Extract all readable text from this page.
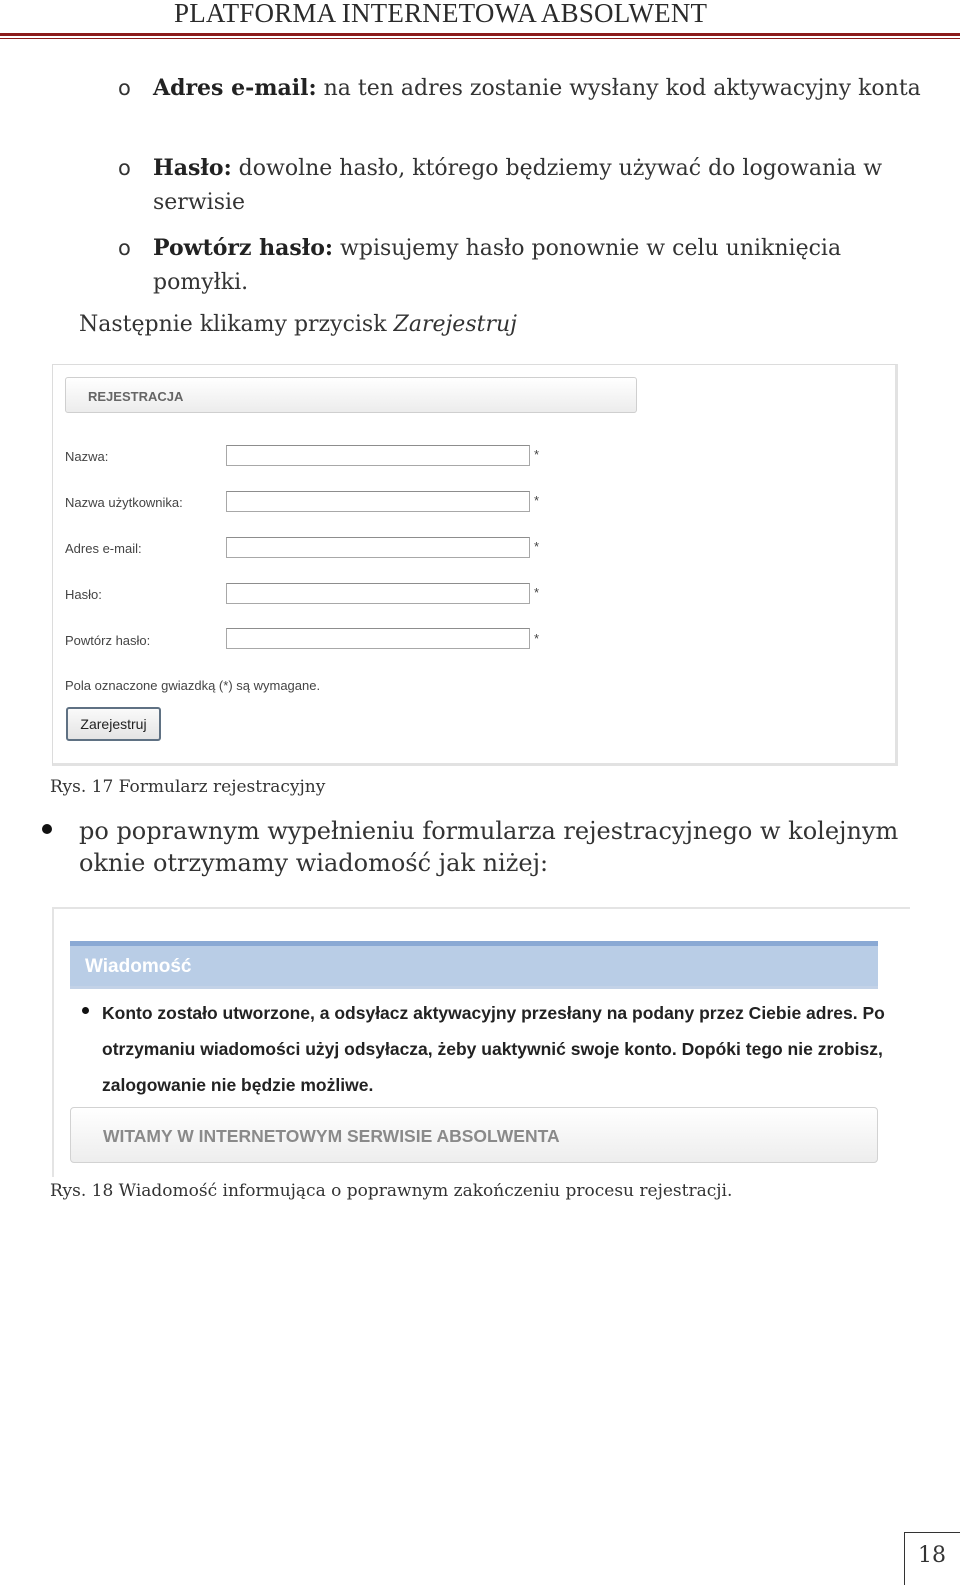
PLATFORMA INTERNETOWA ABSOLWENT
o Adres e-mail: na ten adres zostanie wysłany kod aktywacyjny konta
o Hasło: dowolne hasło, którego będziemy używać do logowania w serwisie
o Powtórz hasło: wpisujemy hasło ponownie w celu uniknięcia pomyłki.
Następnie klikamy przycisk Zarejestruj
REJESTRACJA
Nazwa:	*
Nazwa użytkownika:	*
Adres e-mail:	*
Hasło:	*
Powtórz hasło:	*
Pola oznaczone gwiazdką (*) są wymagane.
Zarejestruj
Rys. 17 Formularz rejestracyjny
po poprawnym wypełnieniu formularza rejestracyjnego w kolejnym oknie otrzymamy wiadomość jak niżej:
Wiadomość
Konto zostało utworzone, a odsyłacz aktywacyjny przesłany na podany przez Ciebie adres. Po otrzymaniu wiadomości użyj odsyłacza, żeby uaktywnić swoje konto. Dopóki tego nie zrobisz, zalogowanie nie będzie możliwe.
WITAMY W INTERNETOWYM SERWISIE ABSOLWENTA
Rys. 18 Wiadomość informująca o poprawnym zakończeniu procesu rejestracji.
18
